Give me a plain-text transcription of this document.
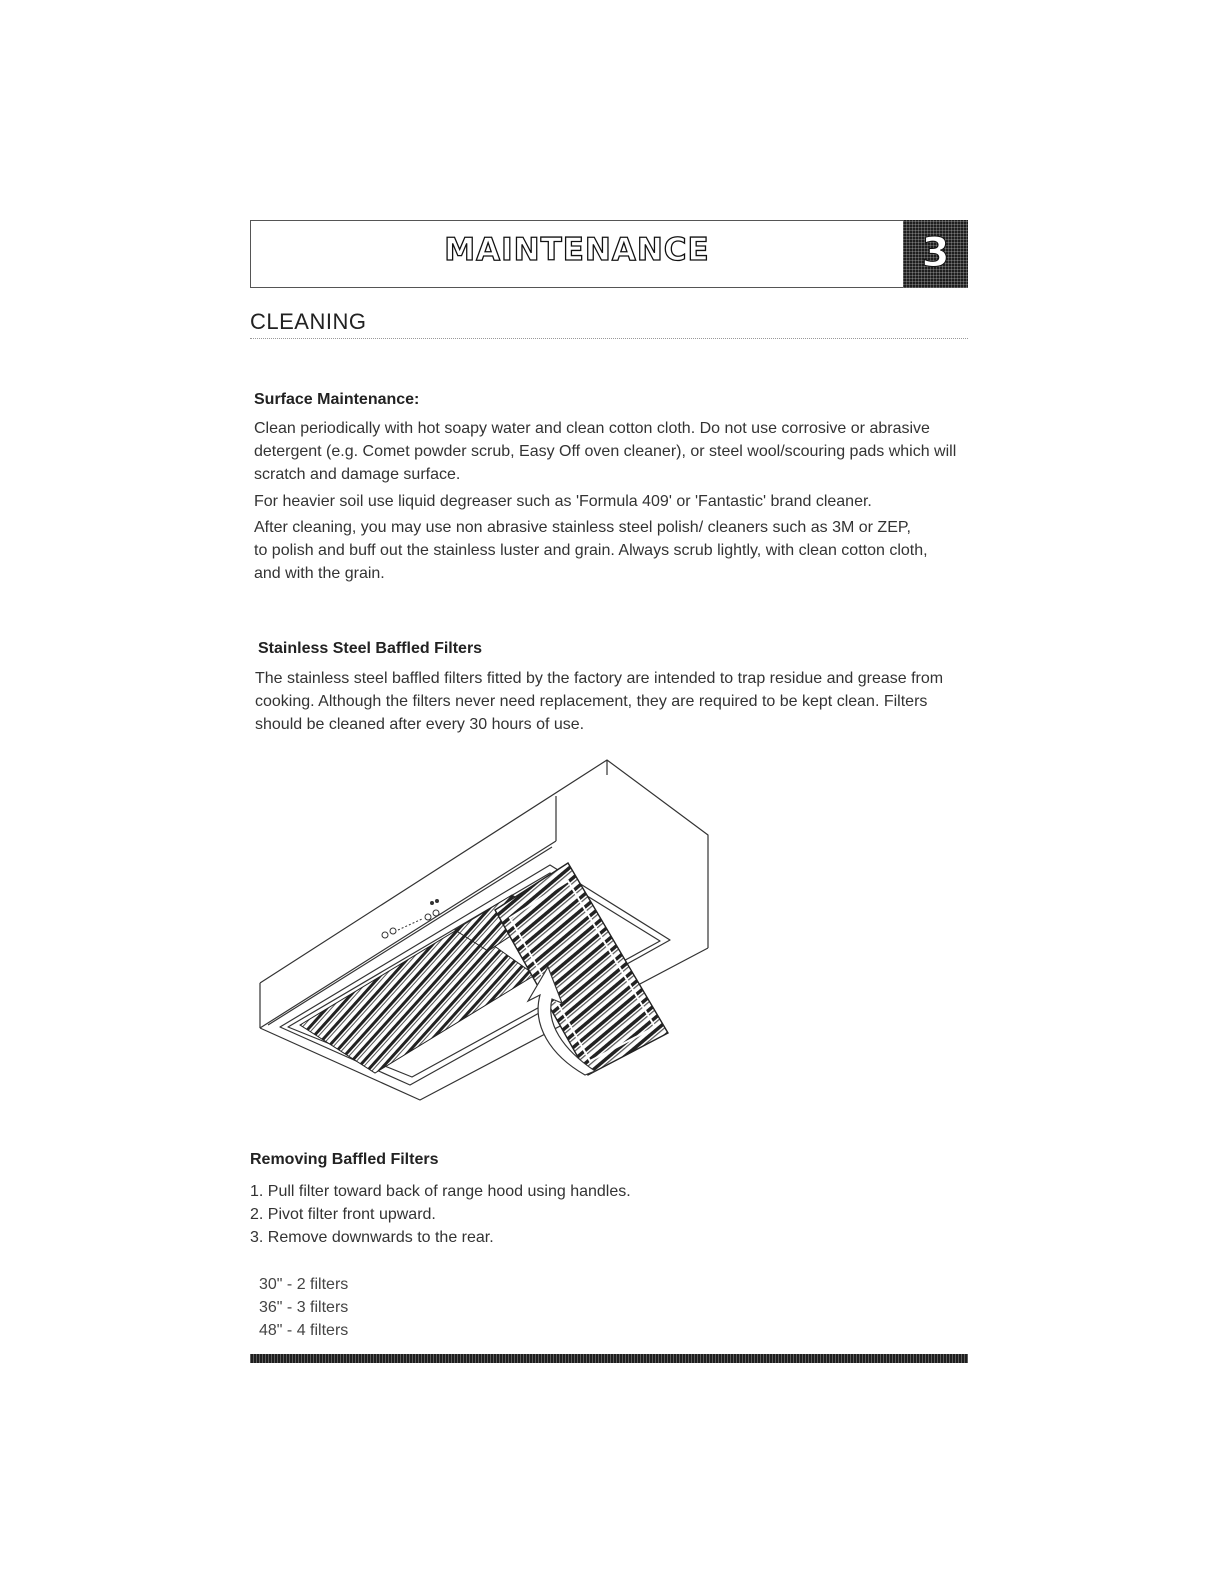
MAINTENANCE	3
CLEANING
Surface Maintenance:

Clean periodically with hot soapy water and clean cotton cloth. Do not use corrosive or abrasive

detergent (e.g. Comet powder scrub, Easy Off oven cleaner), or steel wool/scouring pads which will

scratch and damage surface.

For heavier soil use liquid degreaser such as 'Formula 409' or 'Fantastic' brand cleaner.

After cleaning, you may use non abrasive stainless steel polish/ cleaners such as 3M or ZEP,

to polish and buff out the stainless luster and grain. Always scrub lightly, with clean cotton cloth,

and with the grain.

Stainless Steel Baffled Filters

The stainless steel baffled filters fitted by the factory are intended to trap residue and grease from

cooking. Although the filters never need replacement, they are required to be kept clean. Filters

should be cleaned after every 30 hours of use.

Removing Baffled Filters
1. Pull filter toward back of range hood using handles.
2. Pivot filter front upward.
3. Remove downwards to the rear.
30" - 2 filters
36" - 3 filters
48" - 4 filters
